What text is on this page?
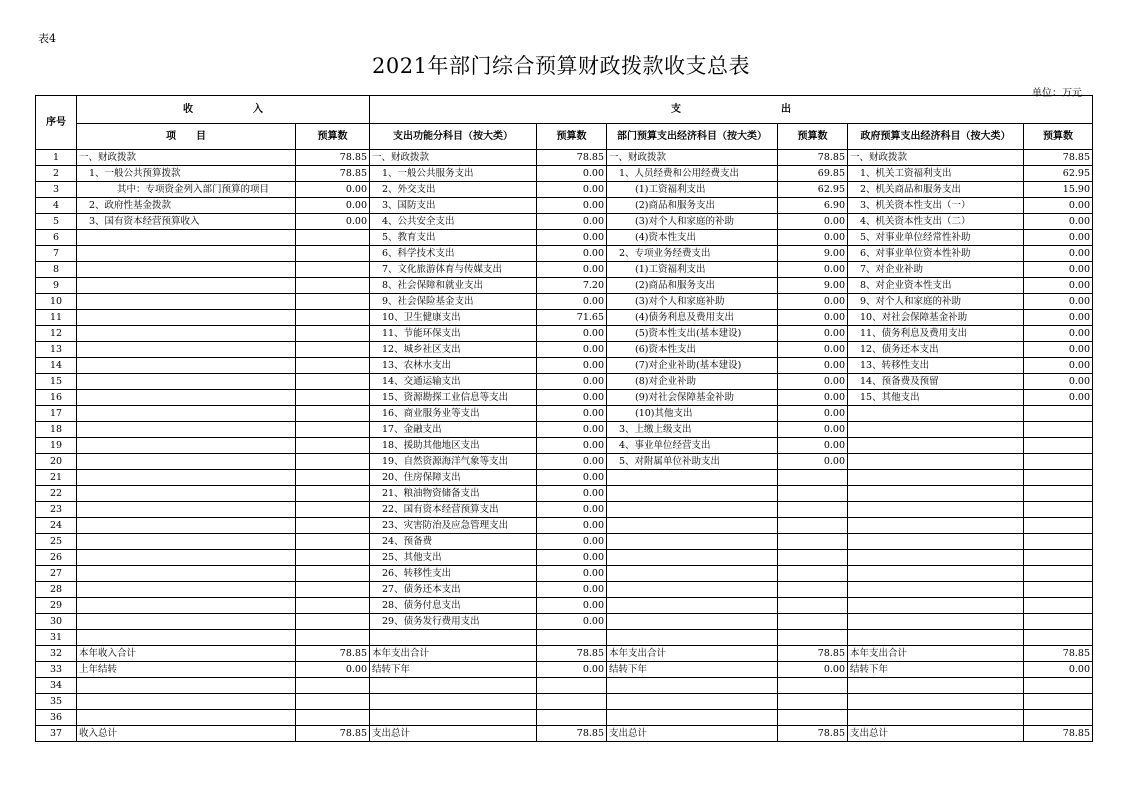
表4
2021年部门综合预算财政拨款收支总表
单位：万元
序号	收　　　　　　入		支　　　　　　　　　　出					
	项　　目	预算数	支出功能分科目（按大类）	预算数	部门预算支出经济科目（按大类）	预算数	政府预算支出经济科目（按大类）	预算数
1	一、财政拨款	78.85	一、财政拨款	78.85	一、财政拨款	78.85	一、财政拨款	78.85
2	1、一般公共预算拨款	78.85	1、一般公共服务支出	0.00	1、人员经费和公用经费支出	69.85	1、机关工资福利支出	62.95
3	其中：专项资金列入部门预算的项目	0.00	2、外交支出	0.00	(1)工资福利支出	62.95	2、机关商品和服务支出	15.90
4	2、政府性基金拨款	0.00	3、国防支出	0.00	(2)商品和服务支出	6.90	3、机关资本性支出（一）	0.00
5	3、国有资本经营预算收入	0.00	4、公共安全支出	0.00	(3)对个人和家庭的补助	0.00	4、机关资本性支出（二）	0.00
6			5、教育支出	0.00	(4)资本性支出	0.00	5、对事业单位经常性补助	0.00
7			6、科学技术支出	0.00	2、专项业务经费支出	9.00	6、对事业单位资本性补助	0.00
8			7、文化旅游体育与传媒支出	0.00	(1)工资福利支出	0.00	7、对企业补助	0.00
9			8、社会保障和就业支出	7.20	(2)商品和服务支出	9.00	8、对企业资本性支出	0.00
10			9、社会保险基金支出	0.00	(3)对个人和家庭补助	0.00	9、对个人和家庭的补助	0.00
11			10、卫生健康支出	71.65	(4)债务利息及费用支出	0.00	10、对社会保障基金补助	0.00
12			11、节能环保支出	0.00	(5)资本性支出(基本建设)	0.00	11、债务利息及费用支出	0.00
13			12、城乡社区支出	0.00	(6)资本性支出	0.00	12、债务还本支出	0.00
14			13、农林水支出	0.00	(7)对企业补助(基本建设)	0.00	13、转移性支出	0.00
15			14、交通运输支出	0.00	(8)对企业补助	0.00	14、预备费及预留	0.00
16			15、资源勘探工业信息等支出	0.00	(9)对社会保障基金补助	0.00	15、其他支出	0.00
17			16、商业服务业等支出	0.00	(10)其他支出	0.00		
18			17、金融支出	0.00	3、上缴上级支出	0.00		
19			18、援助其他地区支出	0.00	4、事业单位经营支出	0.00		
20			19、自然资源海洋气象等支出	0.00	5、对附属单位补助支出	0.00		
21			20、住房保障支出	0.00				
22			21、粮油物资储备支出	0.00				
23			22、国有资本经营预算支出	0.00				
24			23、灾害防治及应急管理支出	0.00				
25			24、预备费	0.00				
26			25、其他支出	0.00				
27			26、转移性支出	0.00				
28			27、债务还本支出	0.00				
29			28、债务付息支出	0.00				
30			29、债务发行费用支出	0.00				
31								
32	本年收入合计	78.85	本年支出合计	78.85	本年支出合计	78.85	本年支出合计	78.85
33	上年结转	0.00	结转下年	0.00	结转下年	0.00	结转下年	0.00
34								
35								
36								
37	收入总计	78.85	支出总计	78.85	支出总计	78.85	支出总计	78.85
